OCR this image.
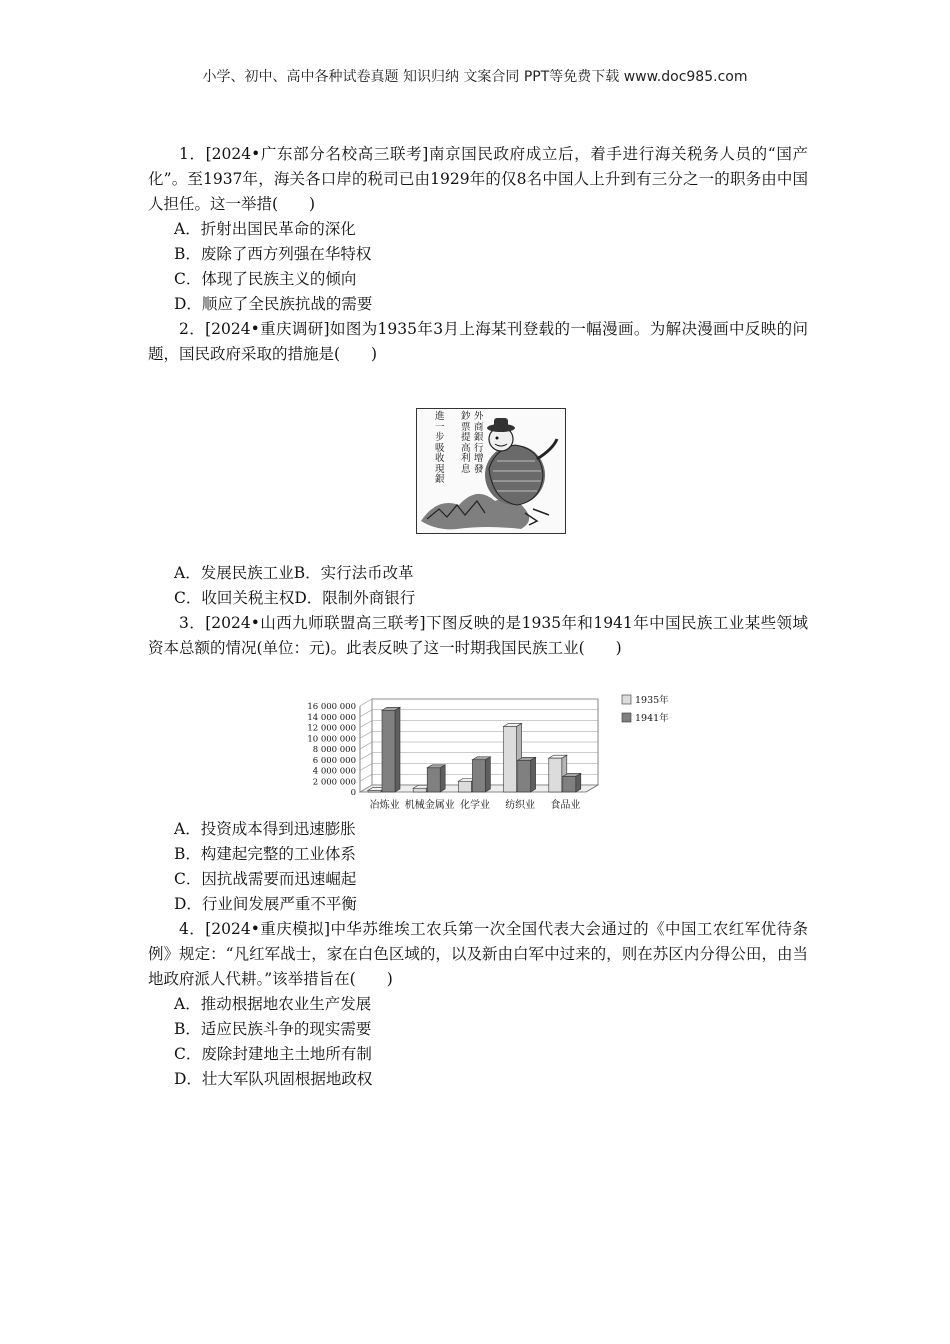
小学、初中、高中各种试卷真题 知识归纳 文案合同 PPT等免费下载 www.doc985.com

1．[2024•广东部分名校高三联考]南京国民政府成立后，着手进行海关税务人员的“国产化”。至1937年，海关各口岸的税司已由1929年的仅8名中国人上升到有三分之一的职务由中国人担任。这一举措(　　)

A．折射出国民革命的深化

B．废除了西方列强在华特权

C．体现了民族主义的倾向

D．顺应了全民族抗战的需要

2．[2024•重庆调研]如图为1935年3月上海某刊登载的一幅漫画。为解决漫画中反映的问题，国民政府采取的措施是(　　)

外商銀行增發
鈔票提高利息
進一步吸收現銀

A．发展民族工业B．实行法币改革

C．收回关税主权D．限制外商银行

3．[2024•山西九师联盟高三联考]下图反映的是1935年和1941年中国民族工业某些领域资本总额的情况(单位：元)。此表反映了这一时期我国民族工业(　　)

0
2 000 000
4 000 000
6 000 000
8 000 000
10 000 000
12 000 000
14 000 000
16 000 000
冶炼业 机械金属业 化学业 纺织业 食品业
1935年
1941年

A．投资成本得到迅速膨胀

B．构建起完整的工业体系

C．因抗战需要而迅速崛起

D．行业间发展严重不平衡

4．[2024•重庆模拟]中华苏维埃工农兵第一次全国代表大会通过的《中国工农红军优待条例》规定：“凡红军战士，家在白色区域的，以及新由白军中过来的，则在苏区内分得公田，由当地政府派人代耕。”该举措旨在(　　)

A．推动根据地农业生产发展

B．适应民族斗争的现实需要

C．废除封建地主土地所有制

D．壮大军队巩固根据地政权
